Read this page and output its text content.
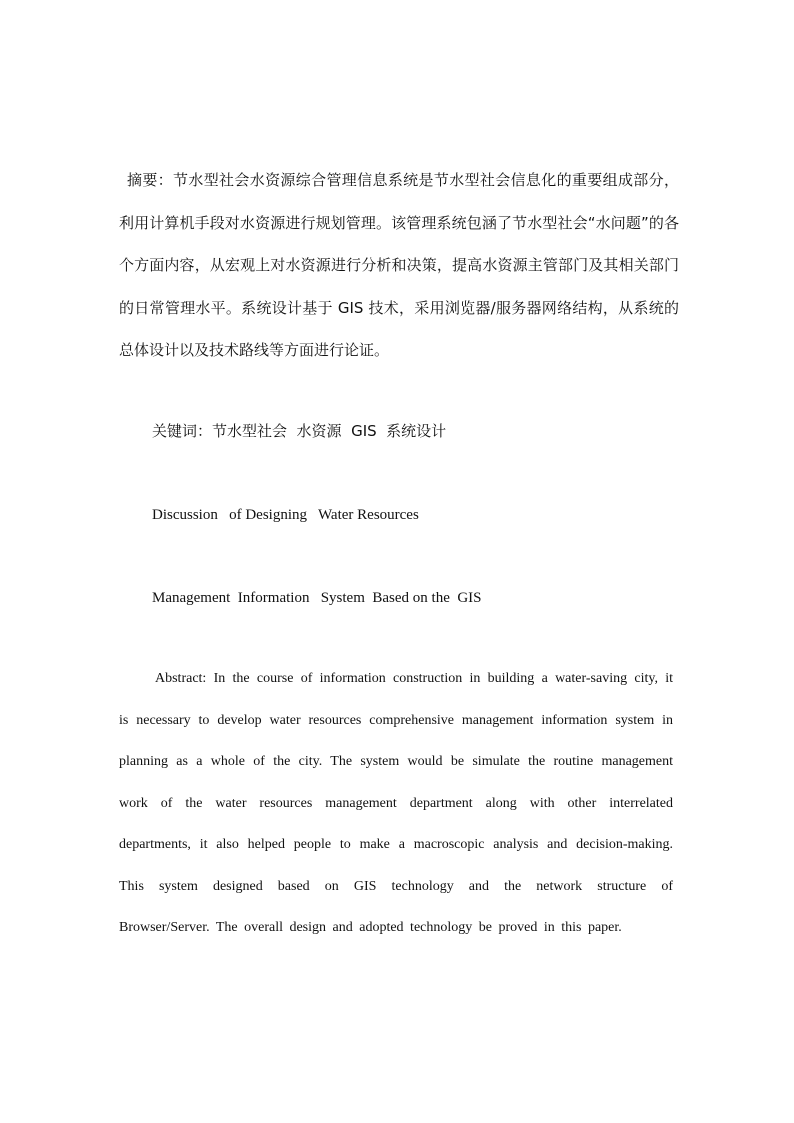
摘要：节水型社会水资源综合管理信息系统是节水型社会信息化的重要组成部分，利用计算机手段对水资源进行规划管理。该管理系统包涵了节水型社会“水问题”的各个方面内容，从宏观上对水资源进行分析和决策，提高水资源主管部门及其相关部门的日常管理水平。系统设计基于 GIS 技术，采用浏览器/服务器网络结构，从系统的总体设计以及技术路线等方面进行论证。

关键词：节水型社会  水资源  GIS  系统设计

Discussion   of Designing   Water Resources

Management  Information   System  Based on the  GIS

Abstract: In the course of information construction in building a water-saving city, it is necessary to develop water resources comprehensive management information system in planning as a whole of the city. The system would be simulate the routine management work of the water resources management department along with other interrelated departments, it also helped people to make a macroscopic analysis and decision-making. This system designed based on GIS technology and the network structure of Browser/Server. The overall design and adopted technology be proved in this paper.
